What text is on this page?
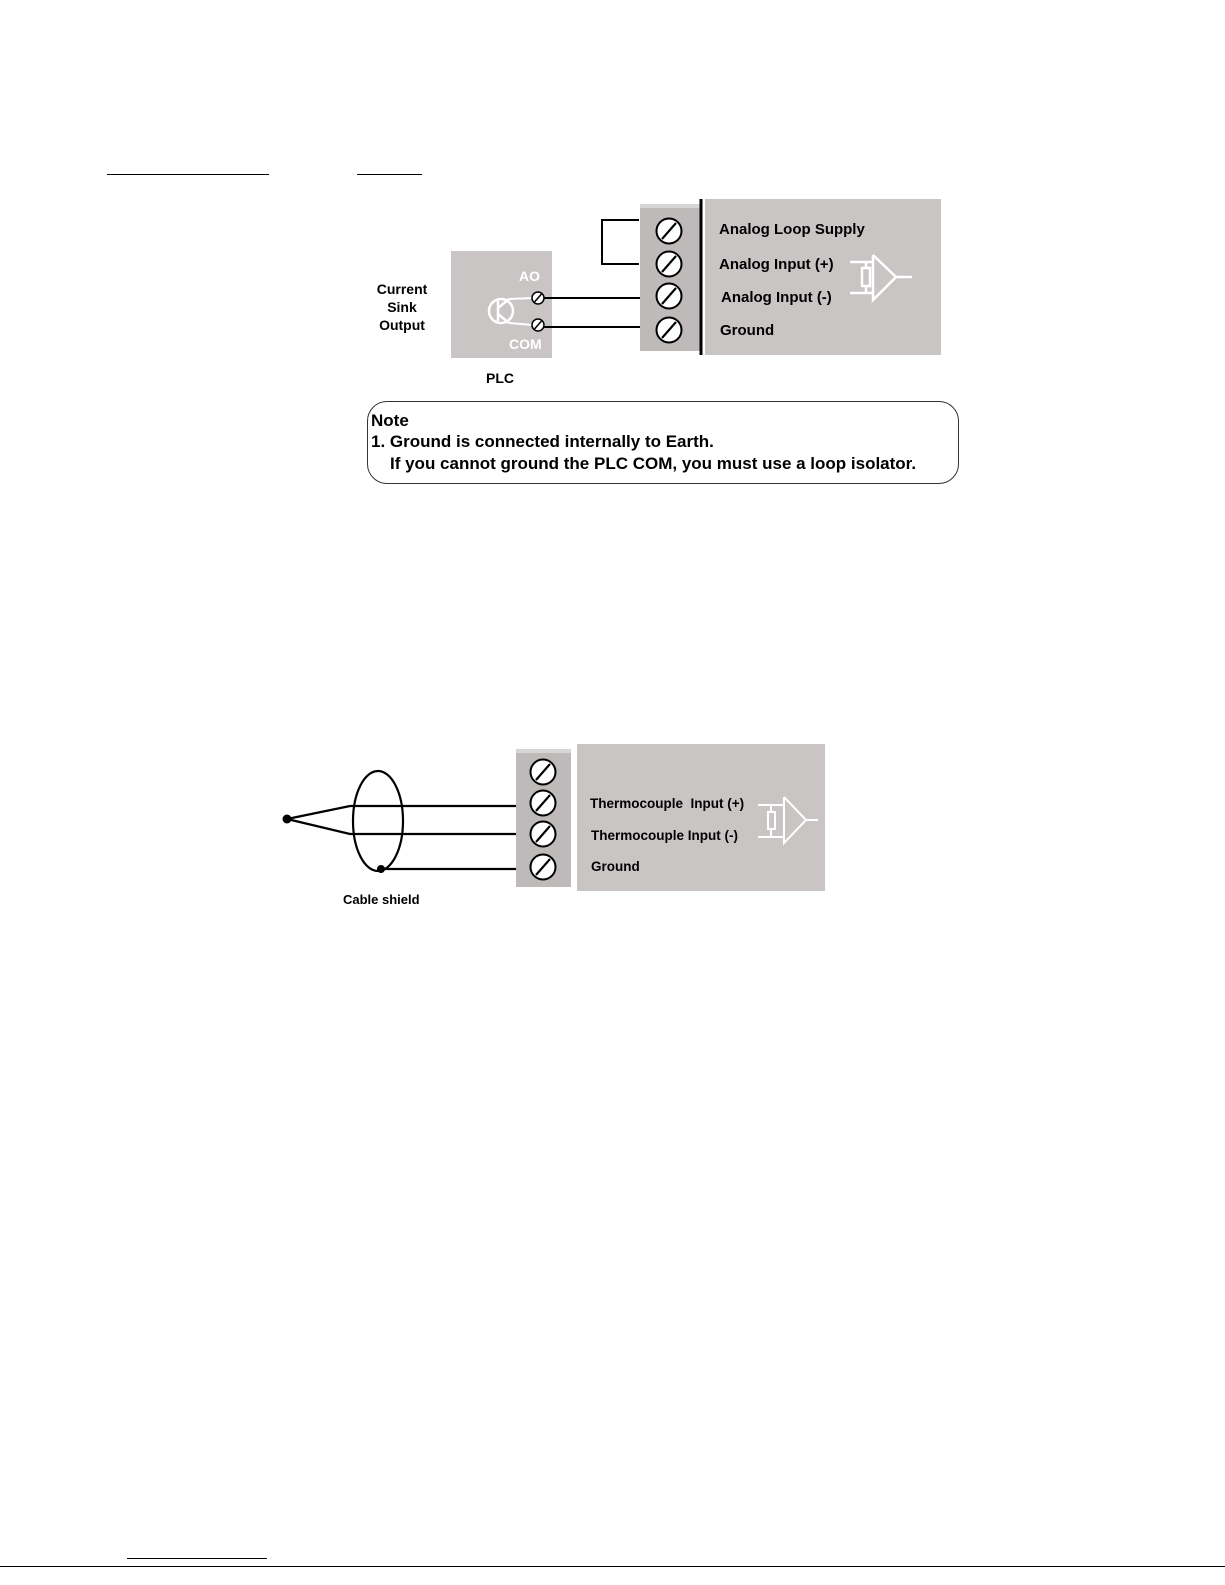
Current
Sink
Output
AO
COM
PLC
Analog Loop Supply
Analog Input (+)
Analog Input (-)
Ground
Note
1. Ground is connected internally to Earth.
If you cannot ground the PLC COM, you must use a loop isolator.
Thermocouple  Input (+)
Thermocouple Input (-)
Ground
Cable shield
